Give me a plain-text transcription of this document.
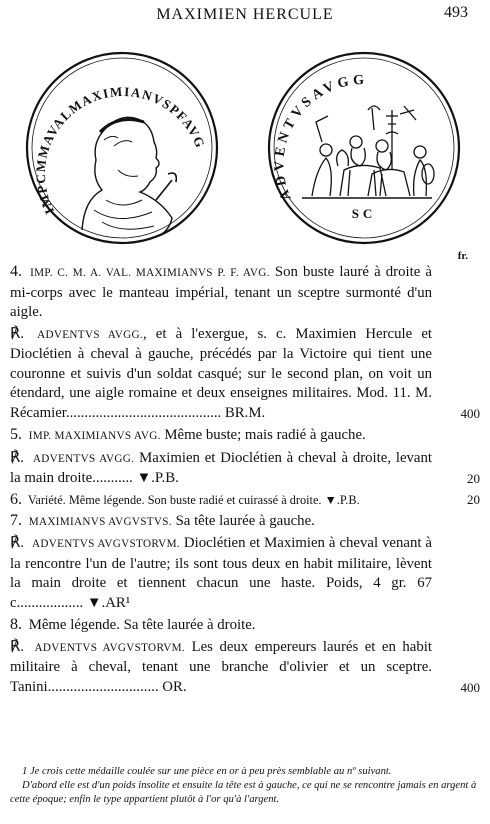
MAXIMIEN HERCULE	493
IMPCMMAVALMAXIMIANVSPFAVG
ADVENTVSAVGG
SC
fr.

4. IMP. C. M. A. VAL. MAXIMIANVS P. F. AVG. Son buste lauré à droite à mi-corps avec le manteau impérial, tenant un sceptre surmonté d'un aigle.

℟. ADVENTVS AVGG., et à l'exergue, s. c. Maximien Hercule et Dioclétien à cheval à gauche, précédés par la Victoire qui tient une couronne et suivis d'un soldat casqué; sur le second plan, on voit un étendard, une aigle romaine et deux enseignes militaires. Mod. 11. M. Récamier.......................................... BR.M.	400

5. IMP. MAXIMIANVS AVG. Même buste; mais radié à gauche.

℟. ADVENTVS AVGG. Maximien et Dioclétien à cheval à droite, levant la main droite........... ▼.P.B.	20

6. Variété. Même légende. Son buste radié et cuirassé à droite. ▼.P.B.	20

7. MAXIMIANVS AVGVSTVS. Sa tête laurée à gauche.

℟. ADVENTVS AVGVSTORVM. Dioclétien et Maximien à cheval venant à la rencontre l'un de l'autre; ils sont tous deux en habit militaire, lèvent la main droite et tiennent chacun une haste. Poids, 4 gr. 67 c.................. ▼.AR¹

8. Même légende. Sa tête laurée à droite.

℟. ADVENTVS AVGVSTORVM. Les deux empereurs laurés et en habit militaire à cheval, tenant une branche d'olivier et un sceptre. Tanini.............................. OR.	400

1 Je crois cette médaille coulée sur une pièce en or à peu près semblable au nº suivant.

D'abord elle est d'un poids insolite et ensuite la tête est à gauche, ce qui ne se rencontre jamais en argent à cette époque; enfin le type appartient plutôt à l'or qu'à l'argent.
